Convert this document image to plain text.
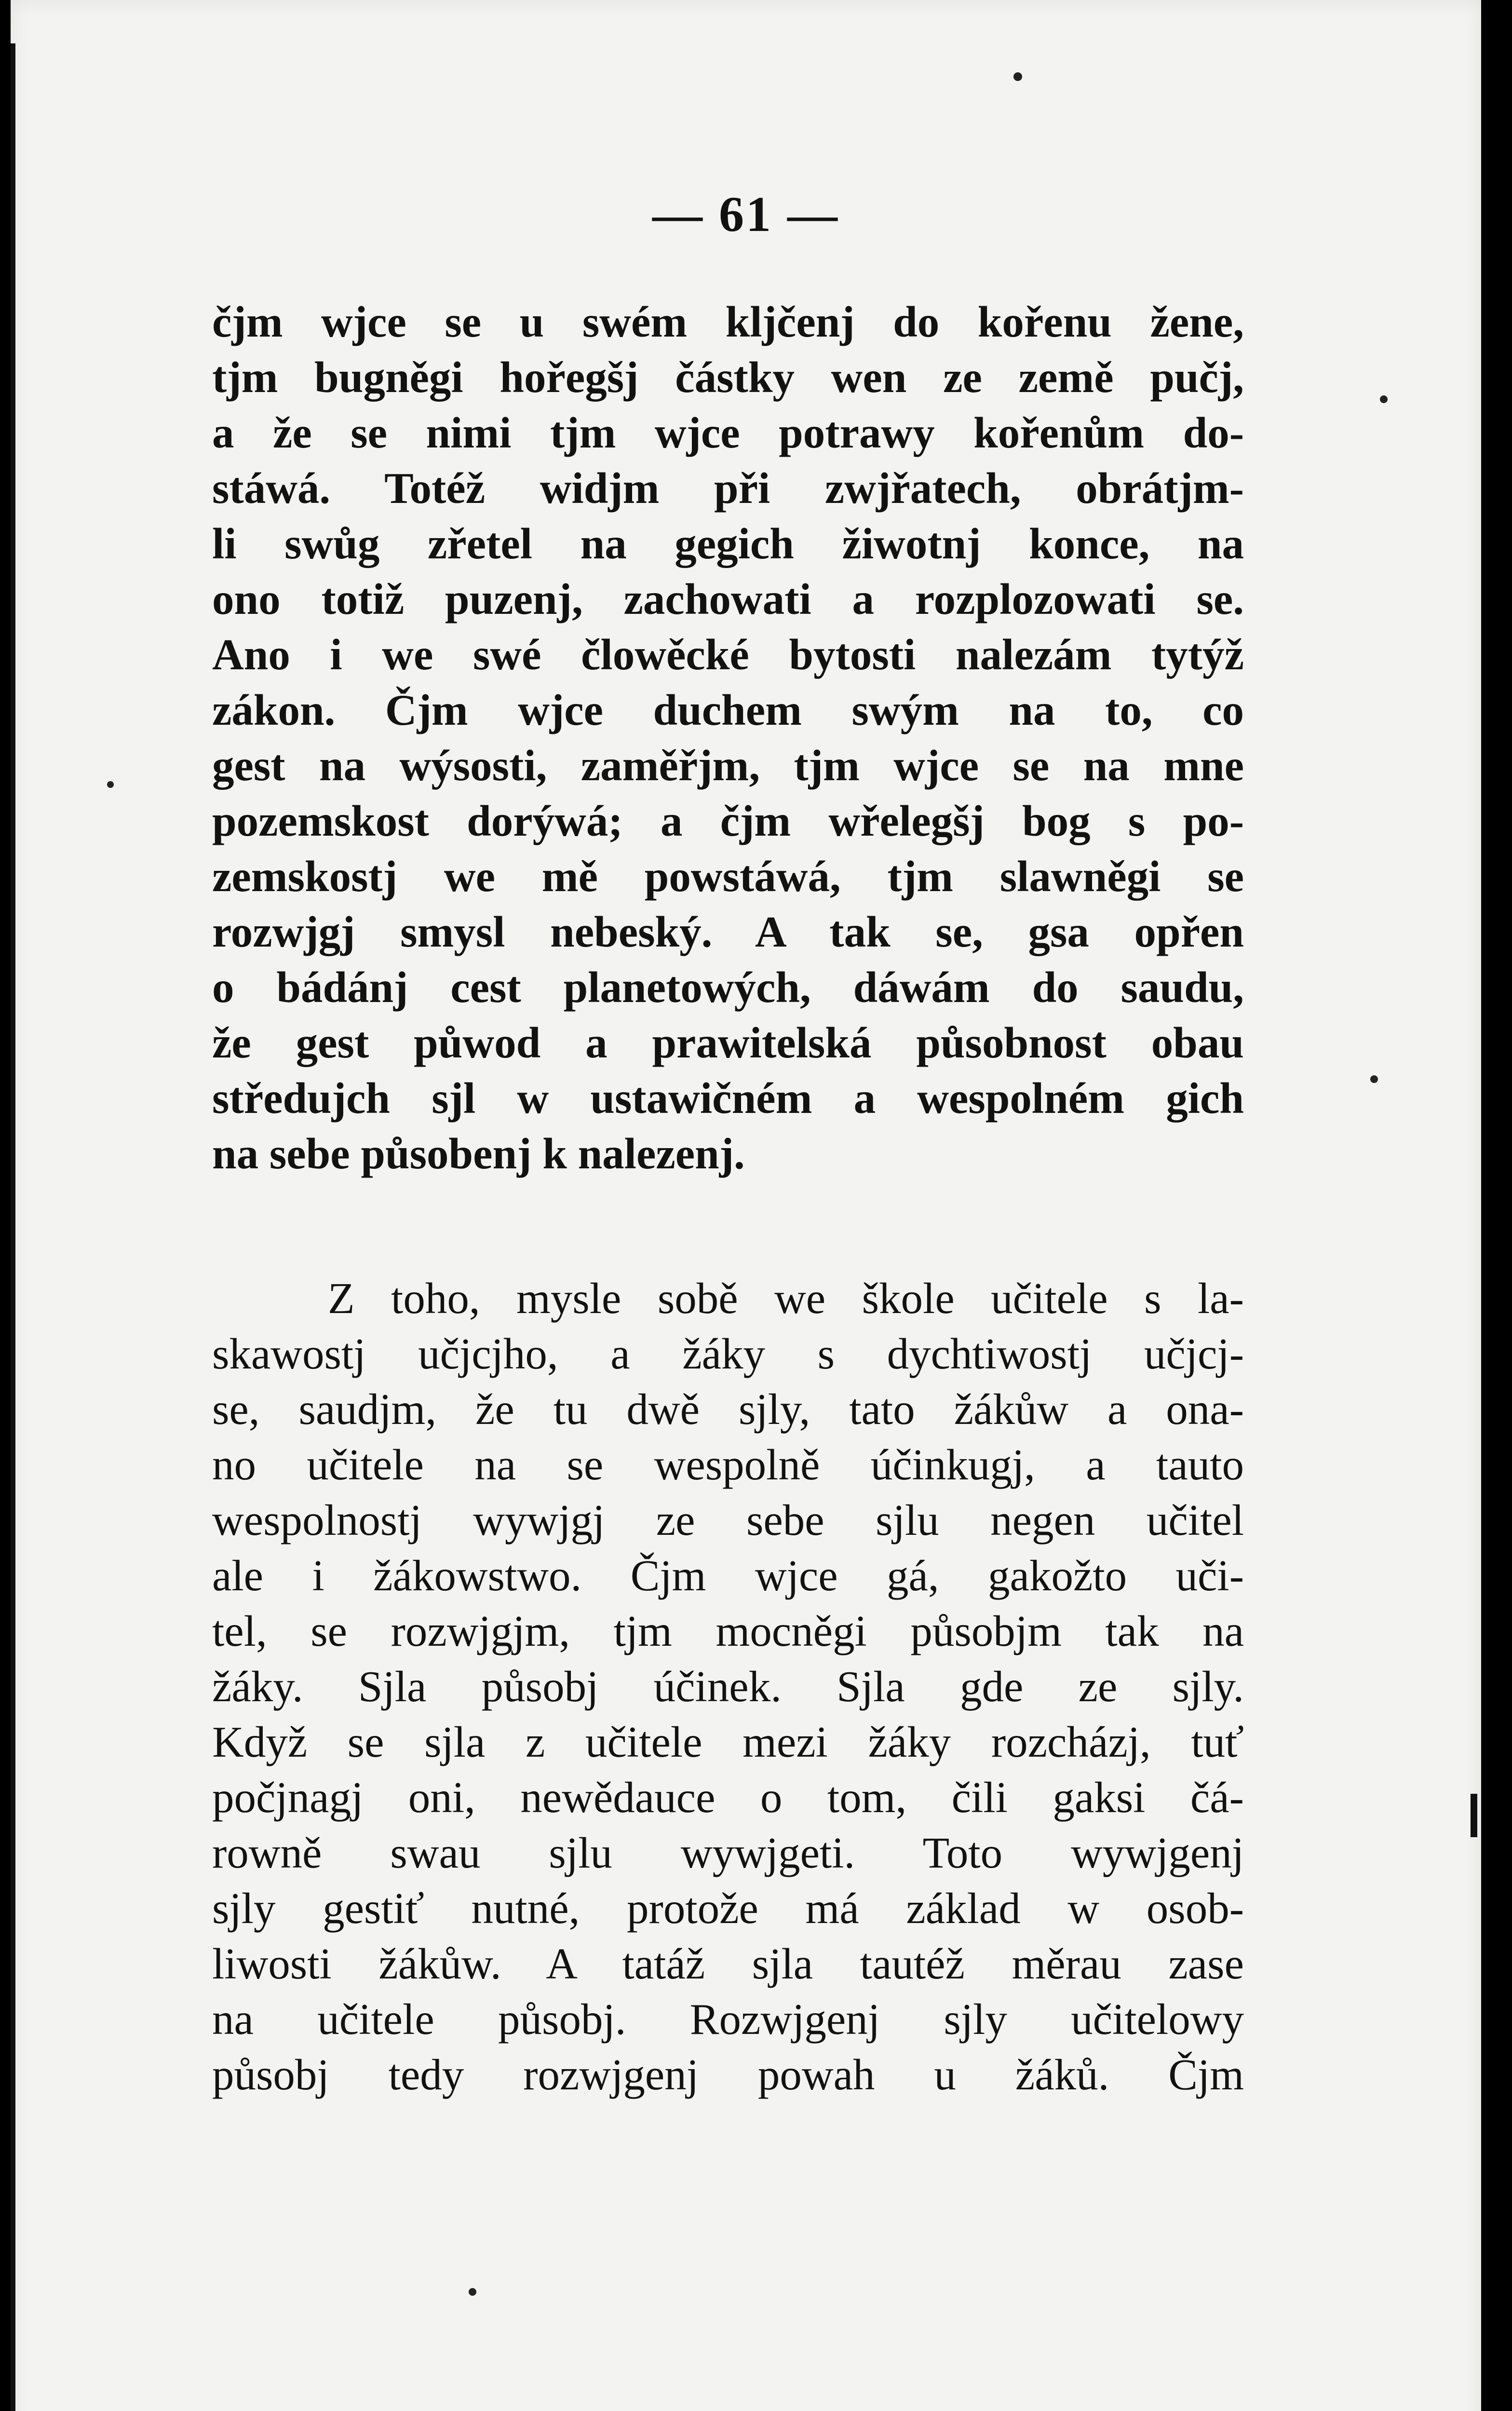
— 61 —
čjm wjce se u swém kljčenj do kořenu žene,
tjm bugněgi hořegšj částky wen ze země pučj,
a že se nimi tjm wjce potrawy kořenům do-
stáwá. Totéž widjm při zwjřatech, obrátjm-
li swůg zřetel na gegich žiwotnj konce, na
ono totiž puzenj, zachowati a rozplozowati se.
Ano i we swé člowěcké bytosti nalezám tytýž
zákon. Čjm wjce duchem swým na to, co
gest na wýsosti, zaměřjm, tjm wjce se na mne
pozemskost dorýwá; a čjm wřelegšj bog s po-
zemskostj we mě powstáwá, tjm slawněgi se
rozwjgj smysl nebeský. A tak se, gsa opřen
o bádánj cest planetowých, dáwám do saudu,
že gest půwod a prawitelská působnost obau
středujch sjl w ustawičném a wespolném gich
na sebe působenj k nalezenj.
Z toho, mysle sobě we škole učitele s la-
skawostj učjcjho, a žáky s dychtiwostj učjcj-
se, saudjm, že tu dwě sjly, tato žákůw a ona-
no učitele na se wespolně účinkugj, a tauto
wespolnostj wywjgj ze sebe sjlu negen učitel
ale i žákowstwo. Čjm wjce gá, gakožto uči-
tel, se rozwjgjm, tjm mocněgi působjm tak na
žáky. Sjla působj účinek. Sjla gde ze sjly.
Když se sjla z učitele mezi žáky rozcházj, tuť
počjnagj oni, newědauce o tom, čili gaksi čá-
rowně swau sjlu wywjgeti. Toto wywjgenj
sjly gestiť nutné, protože má základ w osob-
liwosti žákůw. A tatáž sjla tautéž měrau zase
na učitele působj. Rozwjgenj sjly učitelowy
působj tedy rozwjgenj powah u žáků. Čjm
